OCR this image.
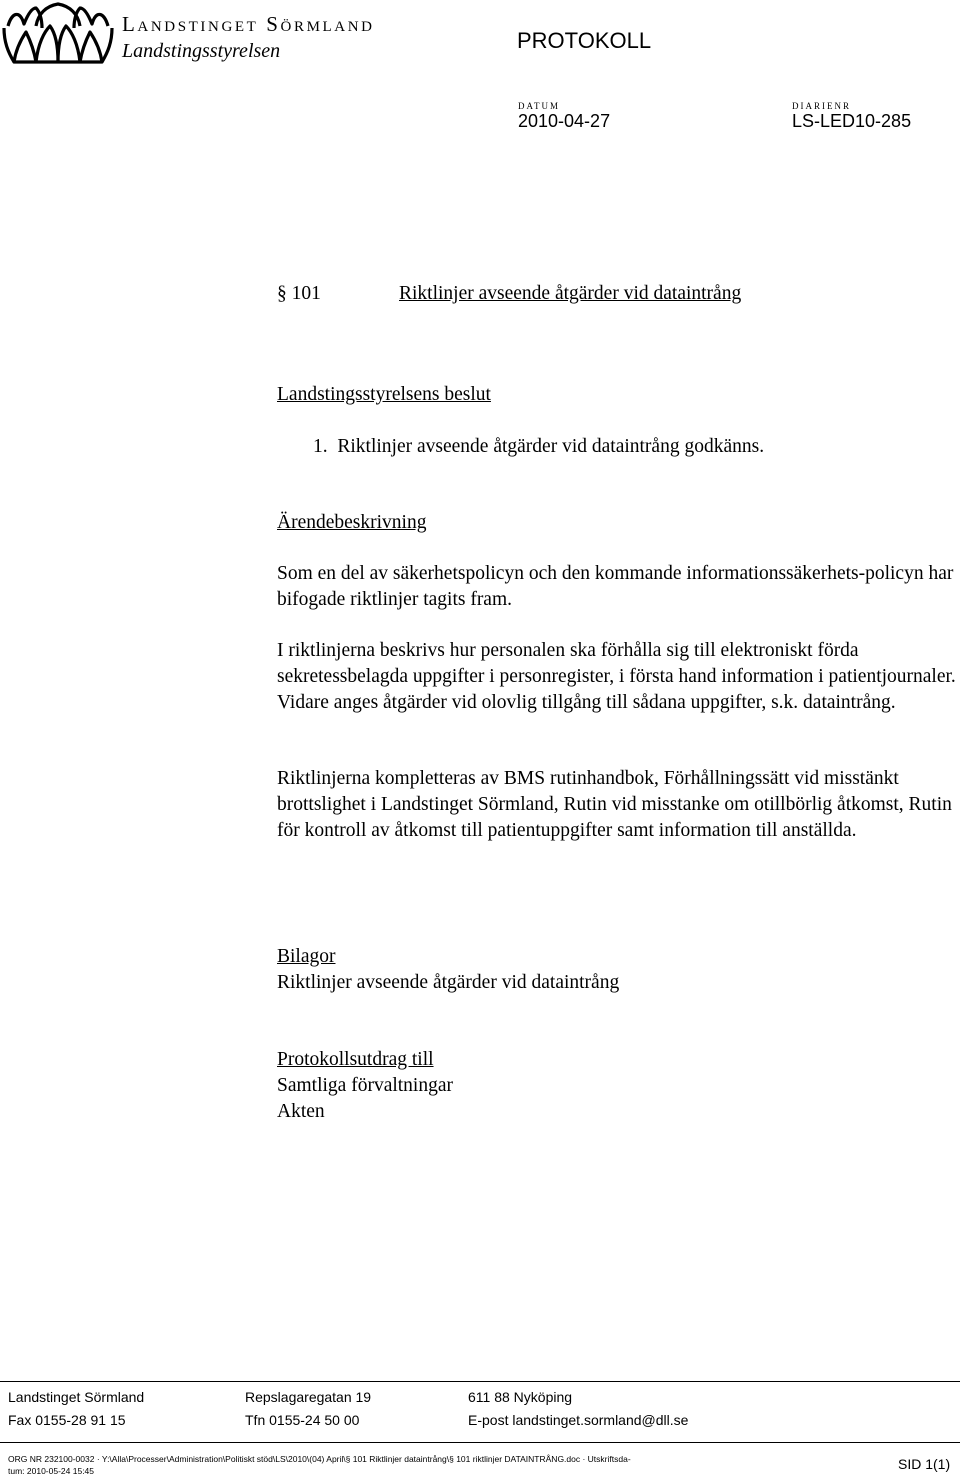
Landstinget Sörmland
Landstingsstyrelsen	PROTOKOLL
DATUM
2010-04-27
DIARIENR
LS-LED10-285
§ 101	Riktlinjer avseende åtgärder vid dataintrång
Landstingsstyrelsens beslut
1.  Riktlinjer avseende åtgärder vid dataintrång godkänns.
Ärendebeskrivning
Som en del av säkerhetspolicyn och den kommande informationssäkerhets-policyn har bifogade riktlinjer tagits fram.
I riktlinjerna beskrivs hur personalen ska förhålla sig till elektroniskt förda sekretessbelagda uppgifter i personregister, i första hand information i patientjournaler. Vidare anges åtgärder vid olovlig tillgång till sådana uppgifter, s.k. dataintrång.
Riktlinjerna kompletteras av BMS rutinhandbok, Förhållningssätt vid misstänkt brottslighet i Landstinget Sörmland, Rutin vid misstanke om otillbörlig åtkomst, Rutin för kontroll av åtkomst till patientuppgifter samt information till anställda.
Bilagor
Riktlinjer avseende åtgärder vid dataintrång
Protokollsutdrag till
Samtliga förvaltningar
Akten
Landstinget Sörmland	Repslagaregatan 19	611 88 Nyköping
Fax 0155-28 91 15	Tfn 0155-24 50 00	E-post landstinget.sormland@dll.se
ORG NR 232100-0032 · Y:\Alla\Processer\Administration\Politiskt stöd\LS\2010\(04) April\§ 101 Riktlinjer dataintrång\§ 101 riktlinjer DATAINTRÅNG.doc · Utskriftsda-
tum: 2010-05-24 15:45	SID 1(1)
